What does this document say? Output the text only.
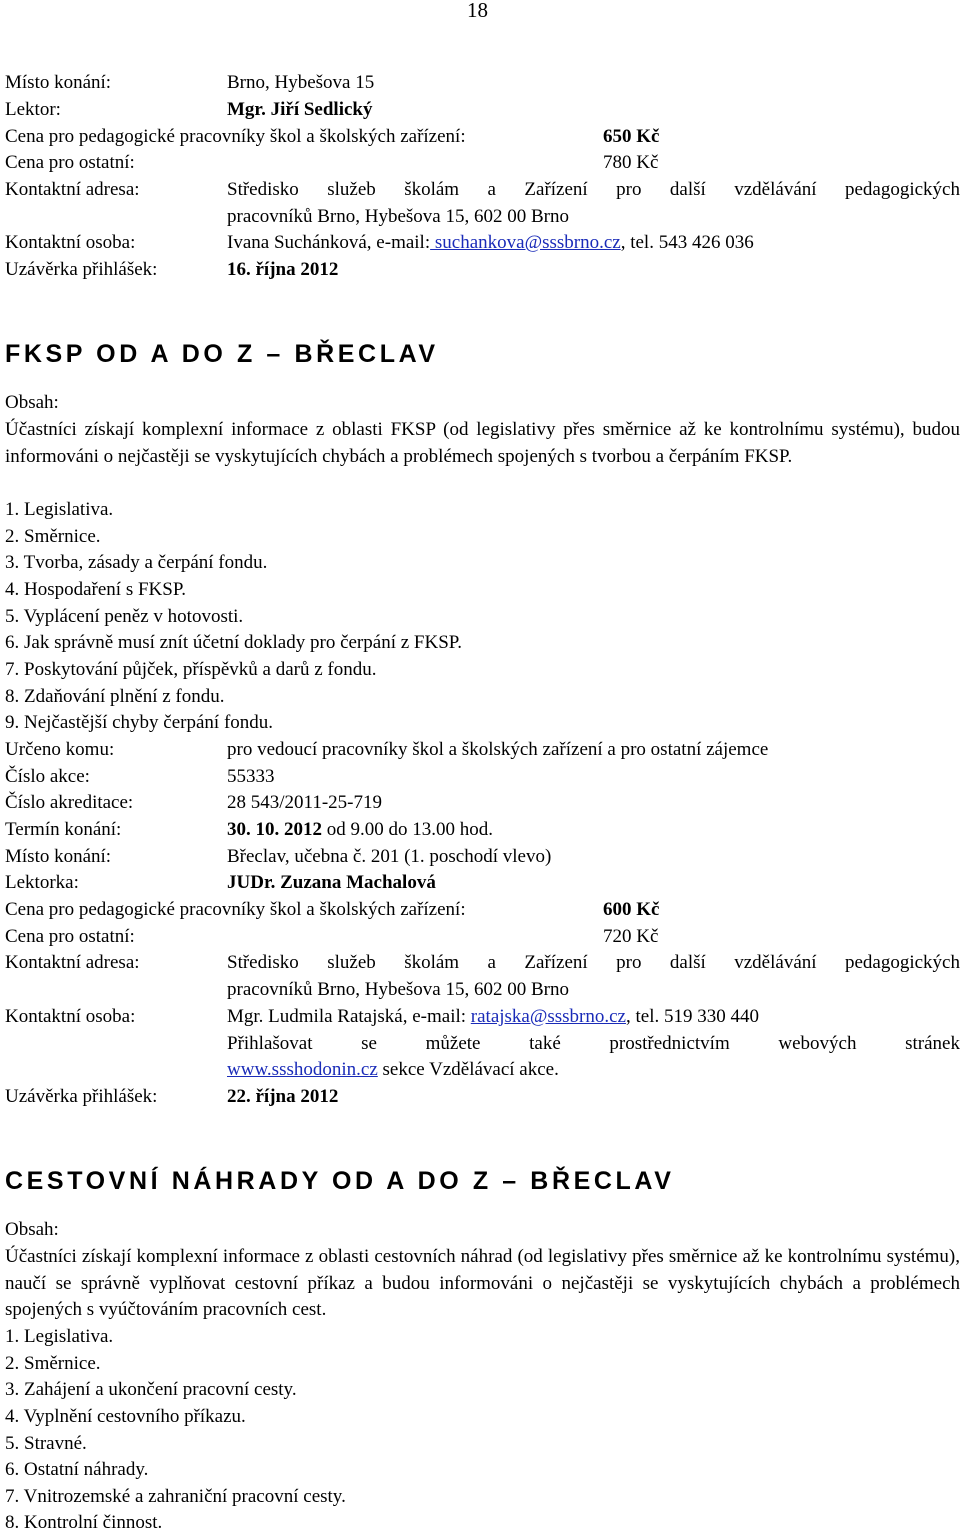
18
Místo konání:	Brno, Hybešova 15
Lektor:	Mgr. Jiří Sedlický
Cena pro pedagogické pracovníky škol a školských zařízení:	650 Kč
Cena pro ostatní:	780 Kč
Kontaktní adresa:	Středisko služeb školám a Zařízení pro další vzdělávání pedagogických
pracovníků Brno, Hybešova 15, 602 00 Brno
Kontaktní osoba:	Ivana Suchánková, e-mail: suchankova@sssbrno.cz, tel. 543 426 036
Uzávěrka přihlášek:	16. října 2012
FKSP OD A DO Z – BŘECLAV
Obsah:
Účastníci získají komplexní informace z oblasti FKSP (od legislativy přes směrnice až ke kontrolnímu systému), budou informováni o nejčastěji se vyskytujících chybách a problémech spojených s tvorbou a čerpáním FKSP.
1. Legislativa.
2. Směrnice.
3. Tvorba, zásady a čerpání fondu.
4. Hospodaření s FKSP.
5. Vyplácení peněz v hotovosti.
6. Jak správně musí znít účetní doklady pro čerpání z FKSP.
7. Poskytování půjček, příspěvků a darů z fondu.
8. Zdaňování plnění z fondu.
9. Nejčastější chyby čerpání fondu.
Určeno komu:	pro vedoucí pracovníky škol a školských zařízení a pro ostatní zájemce
Číslo akce:	55333
Číslo akreditace:	28 543/2011-25-719
Termín konání:	30. 10. 2012 od 9.00 do 13.00 hod.
Místo konání:	Břeclav, učebna č. 201 (1. poschodí vlevo)
Lektorka:	JUDr. Zuzana Machalová
Cena pro pedagogické pracovníky škol a školských zařízení:	600 Kč
Cena pro ostatní:	720 Kč
Kontaktní adresa:	Středisko služeb školám a Zařízení pro další vzdělávání pedagogických
pracovníků Brno, Hybešova 15, 602 00 Brno
Kontaktní osoba:	Mgr. Ludmila Ratajská, e-mail: ratajska@sssbrno.cz, tel. 519 330 440
Přihlašovat se můžete také prostřednictvím webových stránek
www.ssshodonin.cz sekce Vzdělávací akce.
Uzávěrka přihlášek:	22. října 2012
CESTOVNÍ NÁHRADY OD A DO Z – BŘECLAV
Obsah:
Účastníci získají komplexní informace z oblasti cestovních náhrad (od legislativy přes směrnice až ke kontrolnímu systému), naučí se správně vyplňovat cestovní příkaz a budou informováni o nejčastěji se vyskytujících chybách a problémech spojených s vyúčtováním pracovních cest.
1. Legislativa.
2. Směrnice.
3. Zahájení a ukončení pracovní cesty.
4. Vyplnění cestovního příkazu.
5. Stravné.
6. Ostatní náhrady.
7. Vnitrozemské a zahraniční pracovní cesty.
8. Kontrolní činnost.
